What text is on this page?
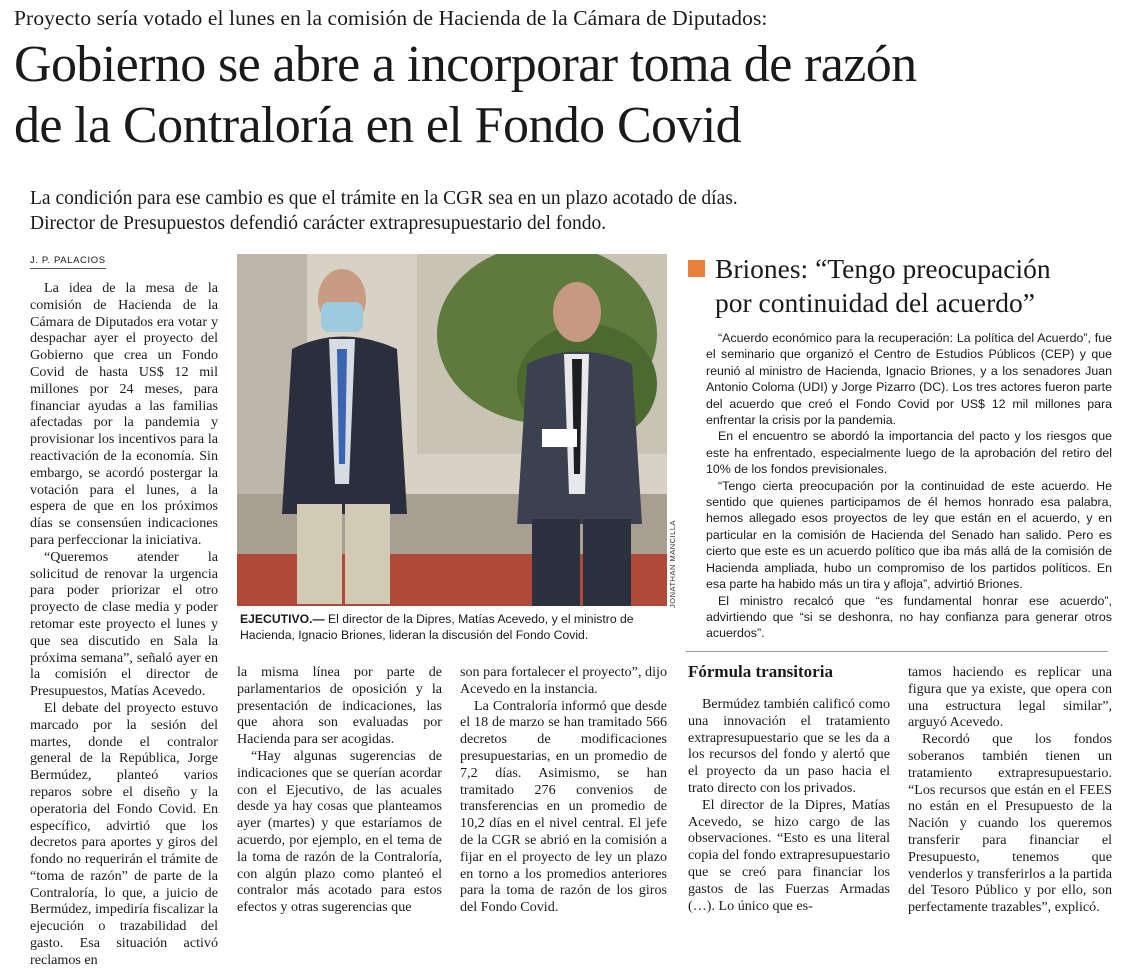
Proyecto sería votado el lunes en la comisión de Hacienda de la Cámara de Diputados:
Gobierno se abre a incorporar toma de razón
de la Contraloría en el Fondo Covid
La condición para ese cambio es que el trámite en la CGR sea en un plazo acotado de días.
Director de Presupuestos defendió carácter extrapresupuestario del fondo.
J. P. PALACIOS

La idea de la mesa de la comisión de Hacienda de la Cámara de Diputados era votar y despachar ayer el proyecto del Gobierno que crea un Fondo Covid de hasta US$ 12 mil millones por 24 meses, para financiar ayudas a las familias afectadas por la pandemia y provisionar los incentivos para la reactivación de la economía. Sin embargo, se acordó postergar la votación para el lunes, a la espera de que en los próximos días se consensúen indicaciones para perfeccionar la iniciativa.

“Queremos atender la solicitud de renovar la urgencia para poder priorizar el otro proyecto de clase media y poder retomar este proyecto el lunes y que sea discutido en Sala la próxima semana”, señaló ayer en la comisión el director de Presupuestos, Matías Acevedo.

El debate del proyecto estuvo marcado por la sesión del martes, donde el contralor general de la República, Jorge Bermúdez, planteó varios reparos sobre el diseño y la operatoria del Fondo Covid. En específico, advirtió que los decretos para aportes y giros del fondo no requerirán el trámite de “toma de razón” de parte de la Contraloría, lo que, a juicio de Bermúdez, impediría fiscalizar la ejecución o trazabilidad del gasto. Esa situación activó reclamos en

JONATHAN MANCILLA
EJECUTIVO.— El director de la Dipres, Matías Acevedo, y el ministro de Hacienda, Ignacio Briones, lideran la discusión del Fondo Covid.

la misma línea por parte de parlamentarios de oposición y la presentación de indicaciones, las que ahora son evaluadas por Hacienda para ser acogidas.

“Hay algunas sugerencias de indicaciones que se querían acordar con el Ejecutivo, de las acuales desde ya hay cosas que planteamos ayer (martes) y que estaríamos de acuerdo, por ejemplo, en el tema de la toma de razón de la Contraloría, con algún plazo como planteó el contralor más acotado para estos efectos y otras sugerencias que

son para fortalecer el proyecto”, dijo Acevedo en la instancia.

La Contraloría informó que desde el 18 de marzo se han tramitado 566 decretos de modificaciones presupuestarias, en un promedio de 7,2 días. Asimismo, se han tramitado 276 convenios de transferencias en un promedio de 10,2 días en el nivel central. El jefe de la CGR se abrió en la comisión a fijar en el proyecto de ley un plazo en torno a los promedios anteriores para la toma de razón de los giros del Fondo Covid.

Briones: “Tengo preocupación
por continuidad del acuerdo”

“Acuerdo económico para la recuperación: La política del Acuerdo”, fue el seminario que organizó el Centro de Estudios Públicos (CEP) y que reunió al ministro de Hacienda, Ignacio Briones, y a los senadores Juan Antonio Coloma (UDI) y Jorge Pizarro (DC). Los tres actores fueron parte del acuerdo que creó el Fondo Covid por US$ 12 mil millones para enfrentar la crisis por la pandemia.

En el encuentro se abordó la importancia del pacto y los riesgos que este ha enfrentado, especialmente luego de la aprobación del retiro del 10% de los fondos previsionales.

“Tengo cierta preocupación por la continuidad de este acuerdo. He sentido que quienes participamos de él hemos honrado esa palabra, hemos allegado esos proyectos de ley que están en el acuerdo, y en particular en la comisión de Hacienda del Senado han salido. Pero es cierto que este es un acuerdo político que iba más allá de la comisión de Hacienda ampliada, hubo un compromiso de los partidos políticos. En esa parte ha habido más un tira y afloja”, advirtió Briones.

El ministro recalcó que “es fundamental honrar ese acuerdo”, advirtiendo que “si se deshonra, no hay confianza para generar otros acuerdos”.

Fórmula transitoria

Bermúdez también calificó como una innovación el tratamiento extrapresupuestario que se les da a los recursos del fondo y alertó que el proyecto da un paso hacia el trato directo con los privados.

El director de la Dipres, Matías Acevedo, se hizo cargo de las observaciones. “Esto es una literal copia del fondo extrapresupuestario que se creó para financiar los gastos de las Fuerzas Armadas (…). Lo único que es-

tamos haciendo es replicar una figura que ya existe, que opera con una estructura legal similar”, arguyó Acevedo.

Recordó que los fondos soberanos también tienen un tratamiento extrapresupuestario. “Los recursos que están en el FEES no están en el Presupuesto de la Nación y cuando los queremos transferir para financiar el Presupuesto, tenemos que venderlos y transferirlos a la partida del Tesoro Público y por ello, son perfectamente trazables”, explicó.
